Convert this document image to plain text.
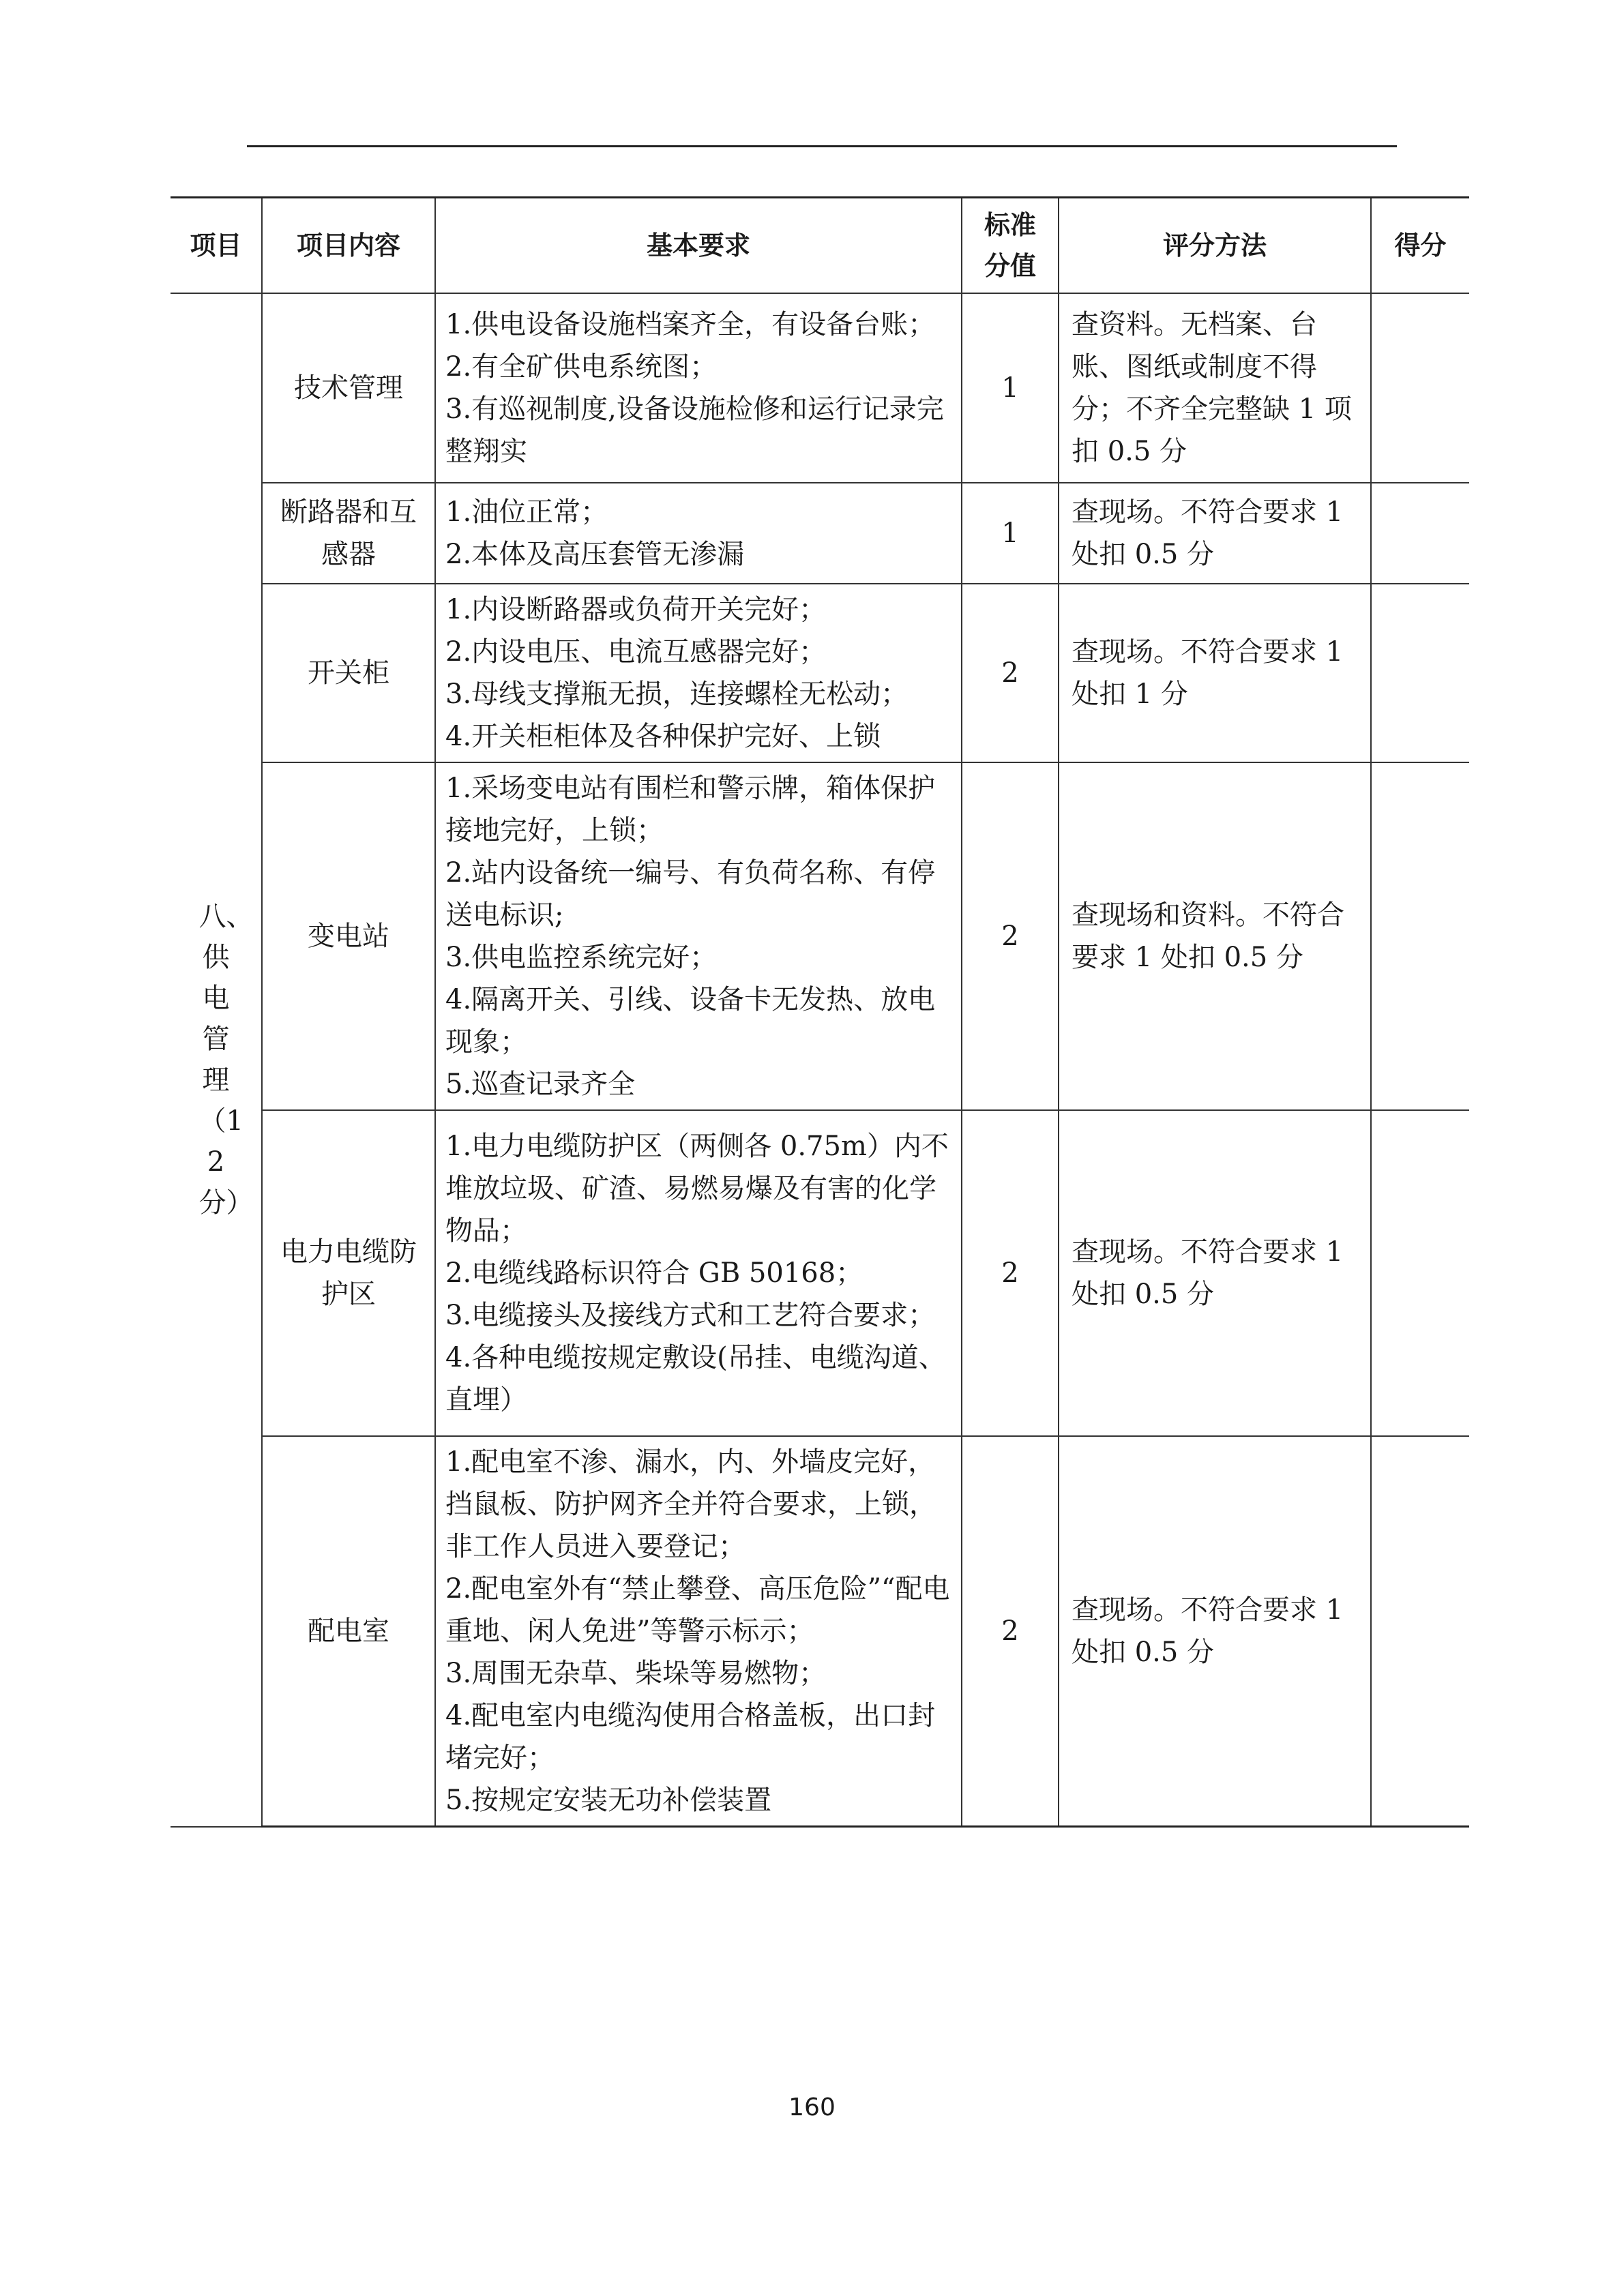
项目	项目内容	基本要求	标准分值	评分方法	得分

八、供电管理（12分）	技术管理	1.供电设备设施档案齐全，有设备台账；
2.有全矿供电系统图；
3.有巡视制度,设备设施检修和运行记录完整翔实	1	查资料。无档案、台账、图纸或制度不得分；不齐全完整缺 1 项扣 0.5 分	

	断路器和互感器	1.油位正常；
2.本体及高压套管无渗漏	1	查现场。不符合要求 1 处扣 0.5 分	
	开关柜	1.内设断路器或负荷开关完好；
2.内设电压、电流互感器完好；
3.母线支撑瓶无损，连接螺栓无松动；
4.开关柜柜体及各种保护完好、上锁	2	查现场。不符合要求 1 处扣 1 分	
	变电站	1.采场变电站有围栏和警示牌，箱体保护接地完好，上锁；
2.站内设备统一编号、有负荷名称、有停送电标识;
3.供电监控系统完好；
4.隔离开关、引线、设备卡无发热、放电现象；
5.巡查记录齐全	2	查现场和资料。不符合要求 1 处扣 0.5 分	

	电力电缆防护区	1.电力电缆防护区（两侧各 0.75m）内不堆放垃圾、矿渣、易燃易爆及有害的化学物品；
2.电缆线路标识符合 GB 50168；
3.电缆接头及接线方式和工艺符合要求；
4.各种电缆按规定敷设(吊挂、电缆沟道、直埋）	2	查现场。不符合要求 1 处扣 0.5 分	
	配电室	1.配电室不渗、漏水，内、外墙皮完好，挡鼠板、防护网齐全并符合要求，上锁，非工作人员进入要登记；
2.配电室外有“禁止攀登、高压危险”“配电重地、闲人免进”等警示标示；
3.周围无杂草、柴垛等易燃物；
4.配电室内电缆沟使用合格盖板，出口封堵完好；
5.按规定安装无功补偿装置	2	查现场。不符合要求 1 处扣 0.5 分	
160
